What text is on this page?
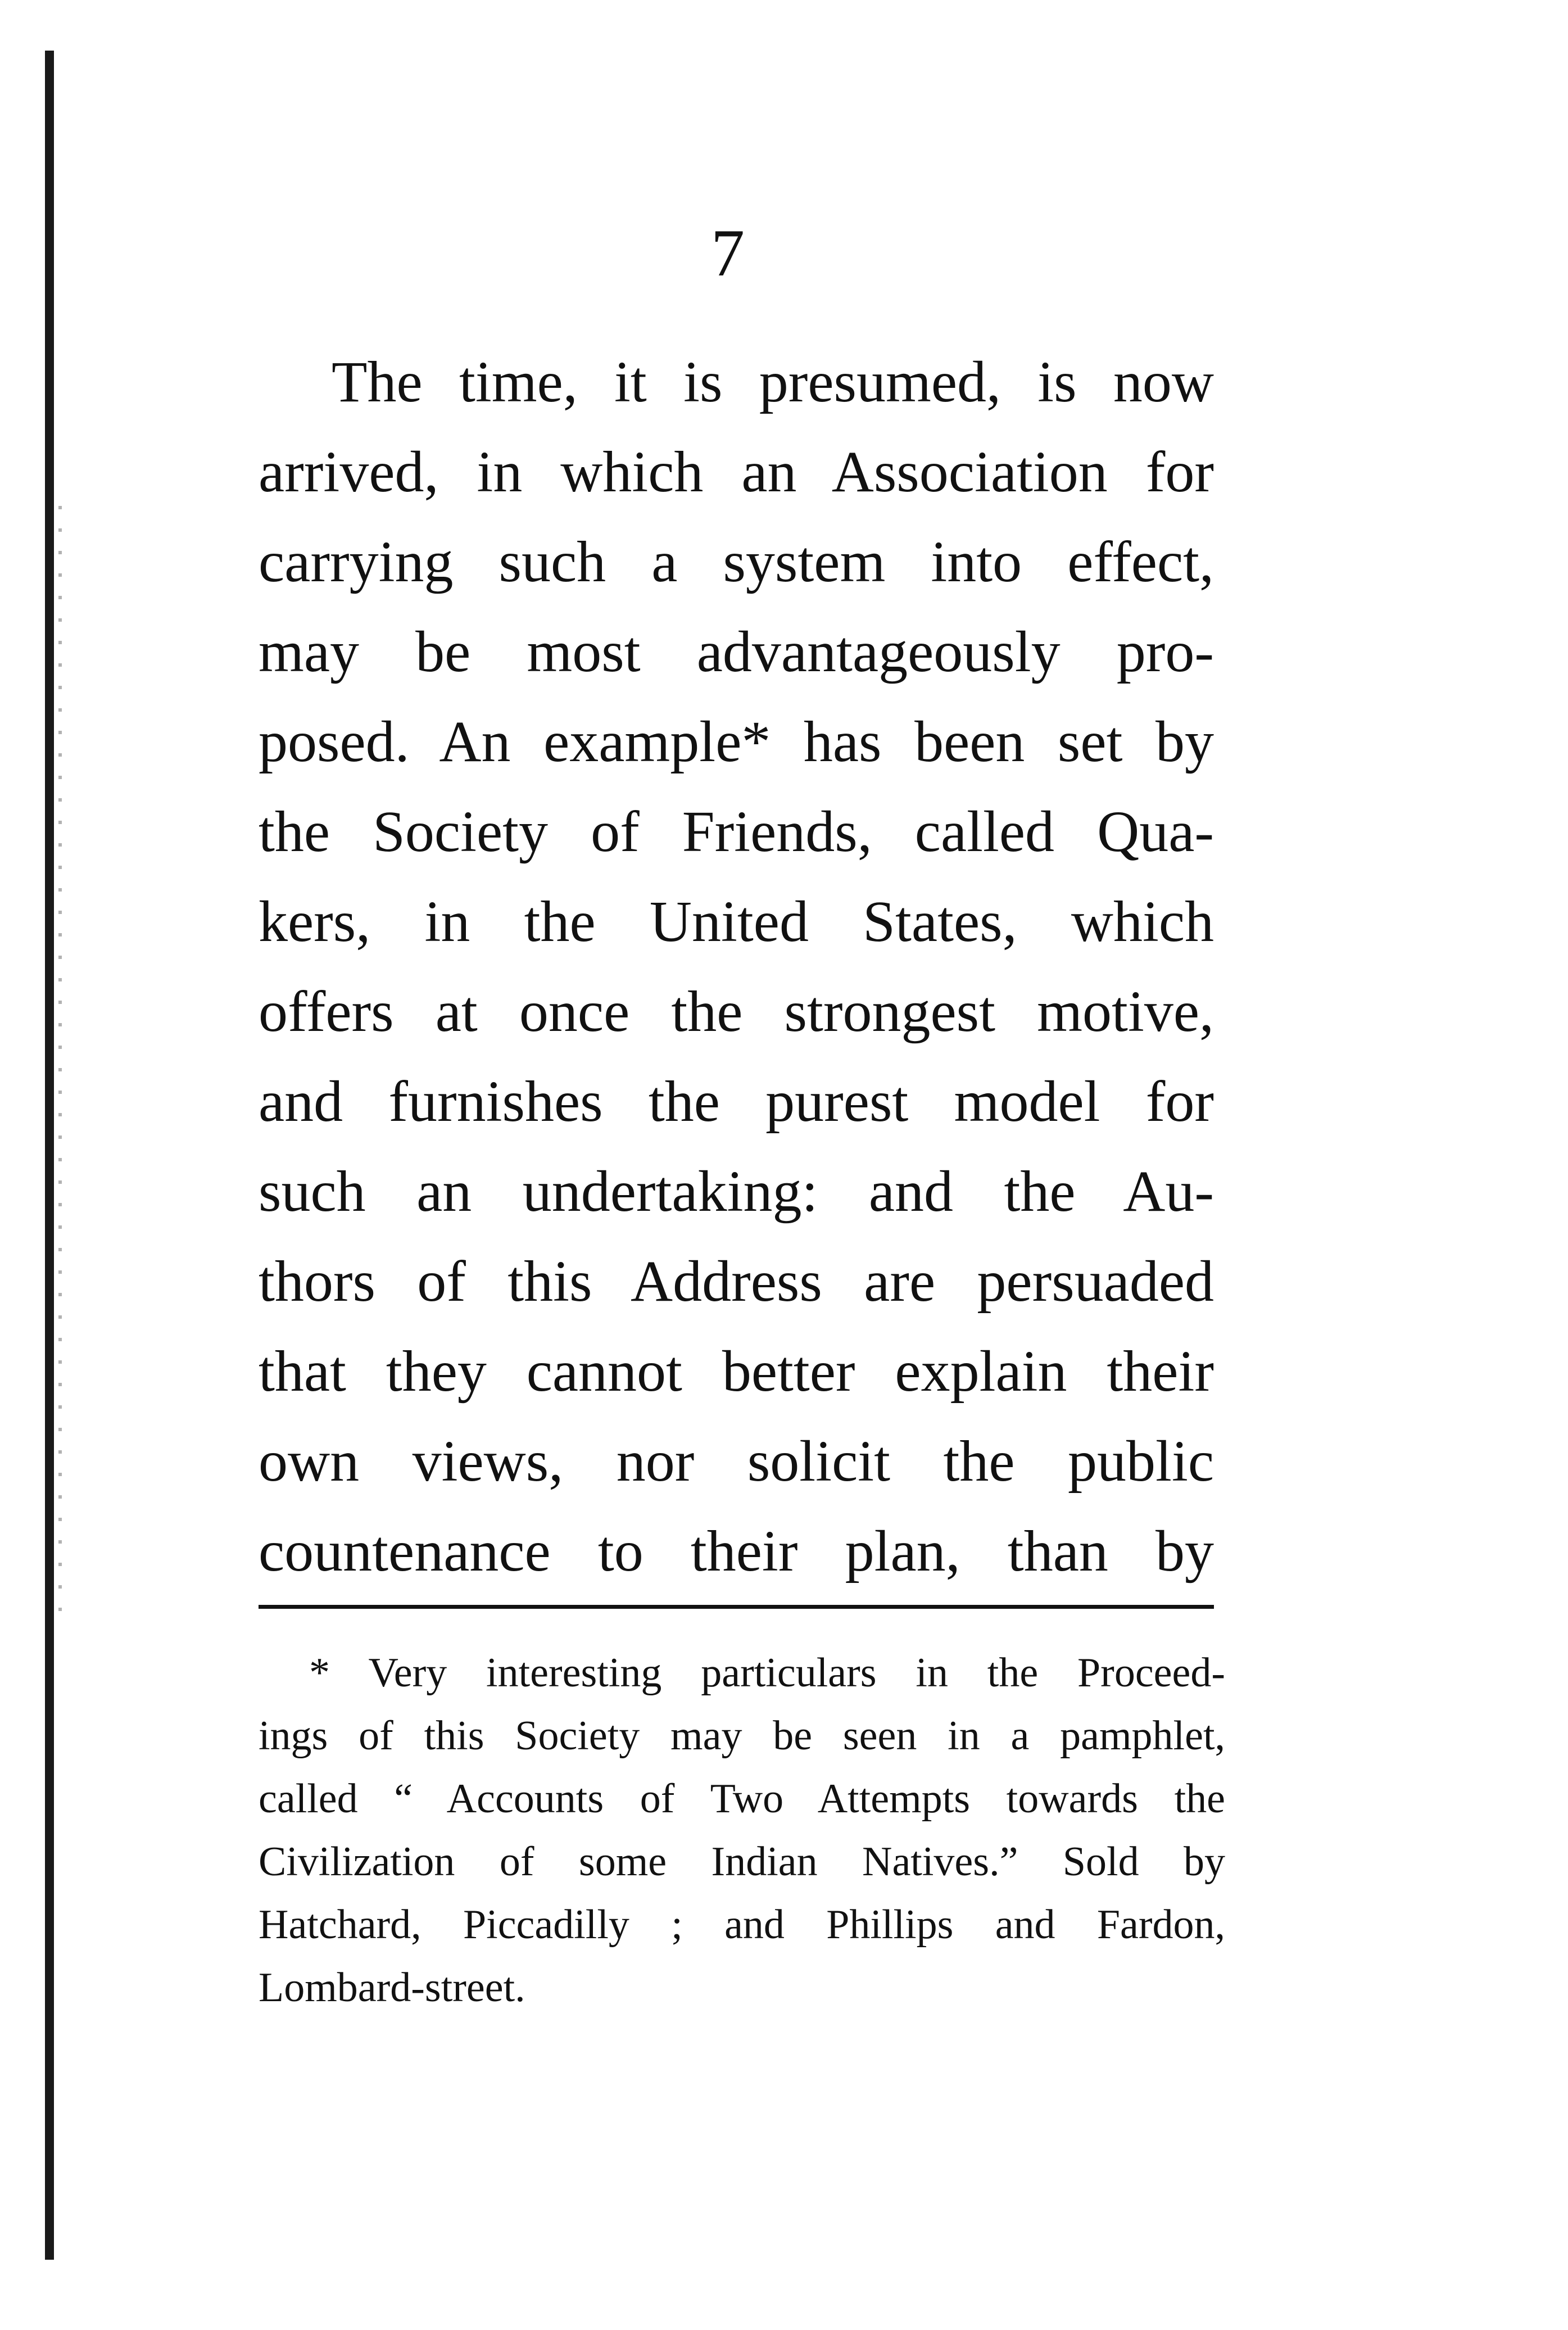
7
The time, it is presumed, is now
arrived, in which an Association for
carrying such a system into effect,
may be most advantageously pro-
posed. An example* has been set by
the Society of Friends, called Qua-
kers, in the United States, which
offers at once the strongest motive,
and furnishes the purest model for
such an undertaking: and the Au-
thors of this Address are persuaded
that they cannot better explain their
own views, nor solicit the public
countenance to their plan, than by
* Very interesting particulars in the Proceed-
ings of this Society may be seen in a pamphlet,
called “ Accounts of Two Attempts towards the
Civilization of some Indian Natives.” Sold by
Hatchard, Piccadilly ; and Phillips and Fardon,
Lombard-street.
